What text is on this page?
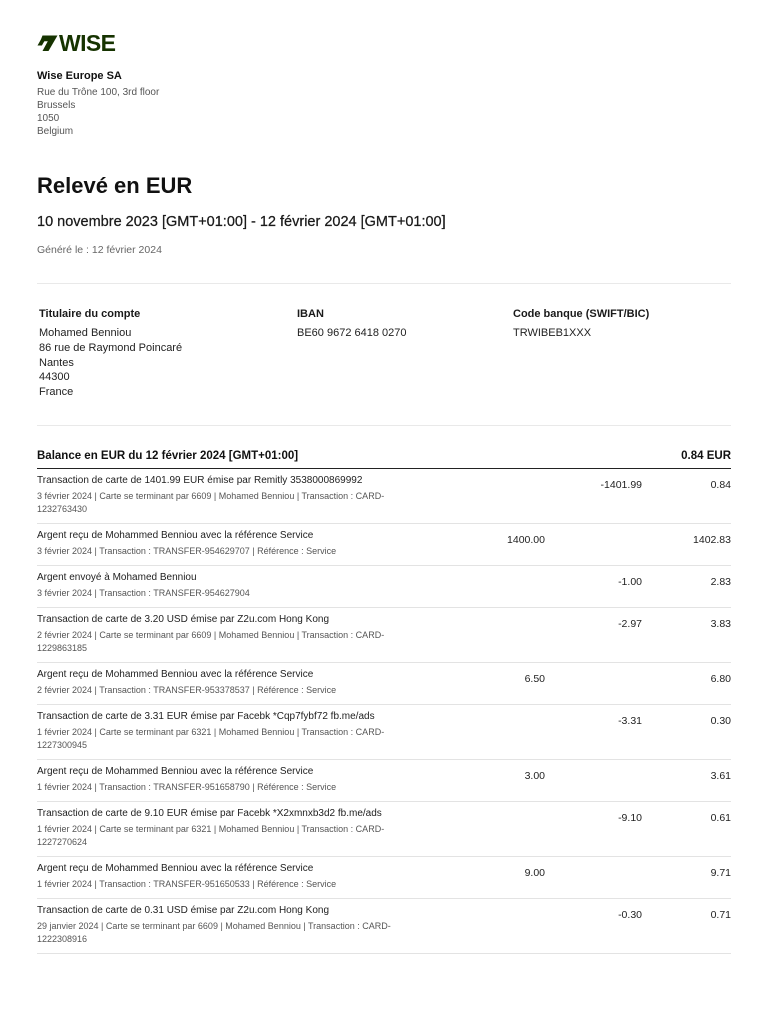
WISE
Wise Europe SA
Rue du Trône 100, 3rd floor
Brussels
1050
Belgium
Relevé en EUR
10 novembre 2023 [GMT+01:00] - 12 février 2024 [GMT+01:00]
Généré le : 12 février 2024
Titulaire du compte
Mohamed Benniou
86 rue de Raymond Poincaré
Nantes
44300
France
IBAN
BE60 9672 6418 0270
Code banque (SWIFT/BIC)
TRWIBEB1XXX
Balance en EUR du 12 février 2024 [GMT+01:00]	0.84 EUR
Transaction de carte de 1401.99 EUR émise par Remitly 3538000869992
3 février 2024 | Carte se terminant par 6609 | Mohamed Benniou | Transaction : CARD-
1232763430
-1401.99	0.84
Argent reçu de Mohammed Benniou avec la référence Service
3 février 2024 | Transaction : TRANSFER-954629707 | Référence : Service
1400.00	1402.83
Argent envoyé à Mohamed Benniou
3 février 2024 | Transaction : TRANSFER-954627904
-1.00	2.83
Transaction de carte de 3.20 USD émise par Z2u.com Hong Kong
2 février 2024 | Carte se terminant par 6609 | Mohamed Benniou | Transaction : CARD-
1229863185
-2.97	3.83
Argent reçu de Mohammed Benniou avec la référence Service
2 février 2024 | Transaction : TRANSFER-953378537 | Référence : Service
6.50	6.80
Transaction de carte de 3.31 EUR émise par Facebk *Cqp7fybf72 fb.me/ads
1 février 2024 | Carte se terminant par 6321 | Mohamed Benniou | Transaction : CARD-
1227300945
-3.31	0.30
Argent reçu de Mohammed Benniou avec la référence Service
1 février 2024 | Transaction : TRANSFER-951658790 | Référence : Service
3.00	3.61
Transaction de carte de 9.10 EUR émise par Facebk *X2xmnxb3d2 fb.me/ads
1 février 2024 | Carte se terminant par 6321 | Mohamed Benniou | Transaction : CARD-
1227270624
-9.10	0.61
Argent reçu de Mohammed Benniou avec la référence Service
1 février 2024 | Transaction : TRANSFER-951650533 | Référence : Service
9.00	9.71
Transaction de carte de 0.31 USD émise par Z2u.com Hong Kong
29 janvier 2024 | Carte se terminant par 6609 | Mohamed Benniou | Transaction : CARD-
1222308916
-0.30	0.71
